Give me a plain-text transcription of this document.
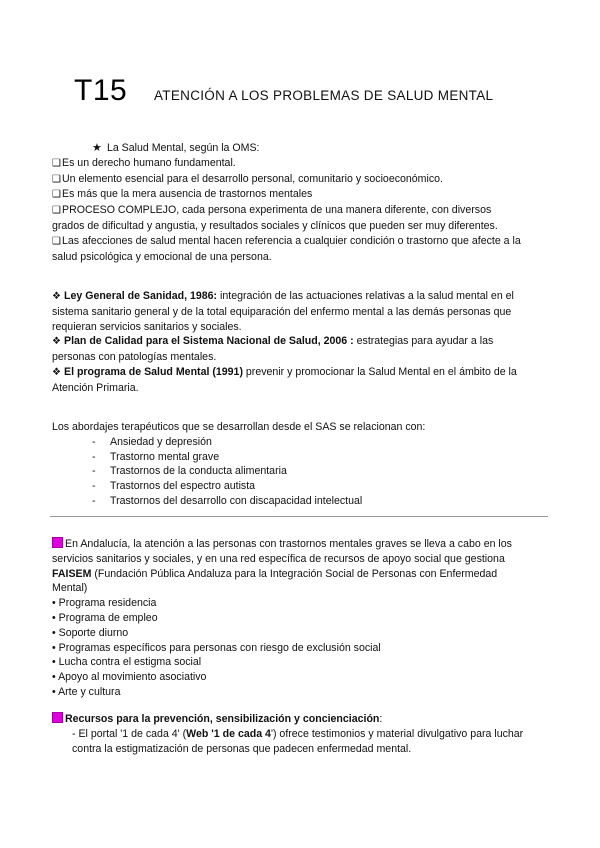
T15 ATENCIÓN A LOS PROBLEMAS DE SALUD MENTAL
★ La Salud Mental, según la OMS:
❑Es un derecho humano fundamental.
❑Un elemento esencial para el desarrollo personal, comunitario y socioeconómico.
❑Es más que la mera ausencia de trastornos mentales
❑PROCESO COMPLEJO, cada persona experimenta de una manera diferente, con diversos
grados de dificultad y angustia, y resultados sociales y clínicos que pueden ser muy diferentes.
❑Las afecciones de salud mental hacen referencia a cualquier condición o trastorno que afecte a la
salud psicológica y emocional de una persona.
❖ Ley General de Sanidad, 1986: integración de las actuaciones relativas a la salud mental en el
sistema sanitario general y de la total equiparación del enfermo mental a las demás personas que
requieran servicios sanitarios y sociales.
❖ Plan de Calidad para el Sistema Nacional de Salud, 2006 : estrategias para ayudar a las
personas con patologías mentales.
❖ El programa de Salud Mental (1991) prevenir y promocionar la Salud Mental en el ámbito de la
Atención Primaria.
Los abordajes terapéuticos que se desarrollan desde el SAS se relacionan con:
- Ansiedad y depresión
- Trastorno mental grave
- Trastornos de la conducta alimentaria
- Trastornos del espectro autista
- Trastornos del desarrollo con discapacidad intelectual
En Andalucía, la atención a las personas con trastornos mentales graves se lleva a cabo en los
servicios sanitarios y sociales, y en una red específica de recursos de apoyo social que gestiona
FAISEM (Fundación Pública Andaluza para la Integración Social de Personas con Enfermedad
Mental)
• Programa residencia
• Programa de empleo
• Soporte diurno
• Programas específicos para personas con riesgo de exclusión social
• Lucha contra el estigma social
• Apoyo al movimiento asociativo
• Arte y cultura
Recursos para la prevención, sensibilización y concienciación:
- El portal '1 de cada 4' (Web '1 de cada 4') ofrece testimonios y material divulgativo para luchar
contra la estigmatización de personas que padecen enfermedad mental.
